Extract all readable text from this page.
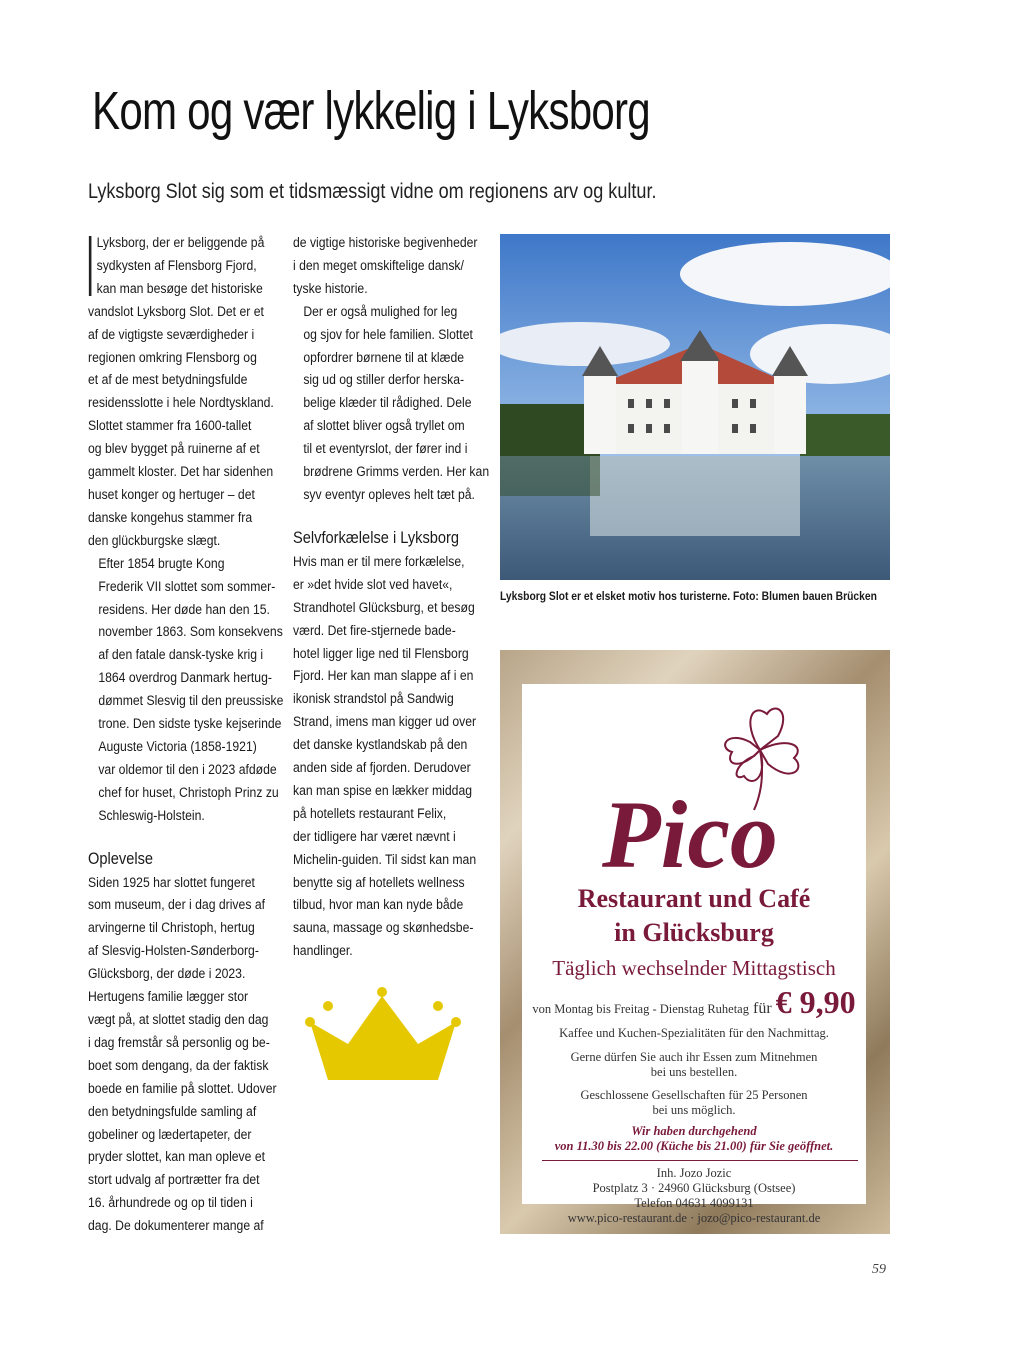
Kom og vær lykkelig i Lyksborg
Lyksborg Slot sig som et tidsmæssigt vidne om regionens arv og kultur.

Lyksborg, der er beliggende på
sydkysten af Flensborg Fjord,
kan man besøge det historiske
vandslot Lyksborg Slot. Det er et
af de vigtigste seværdigheder i
regionen omkring Flensborg og
et af de mest betydningsfulde
residensslotte i hele Nordtyskland.
Slottet stammer fra 1600-tallet
og blev bygget på ruinerne af et
gammelt kloster. Det har sidenhen
huset konger og hertuger – det
danske kongehus stammer fra
den glückburgske slægt.

Efter 1854 brugte Kong
Frederik VII slottet som sommer-
residens. Her døde han den 15.
november 1863. Som konsekvens
af den fatale dansk-tyske krig i
1864 overdrog Danmark hertug-
dømmet Slesvig til den preussiske
trone. Den sidste tyske kejserinde
Auguste Victoria (1858-1921)
var oldemor til den i 2023 afdøde
chef for huset, Christoph Prinz zu
Schleswig-Holstein.

Oplevelse

Siden 1925 har slottet fungeret
som museum, der i dag drives af
arvingerne til Christoph, hertug
af Slesvig-Holsten-Sønderborg-
Glücksborg, der døde i 2023.
Hertugens familie lægger stor
vægt på, at slottet stadig den dag
i dag fremstår så personlig og be-
boet som dengang, da der faktisk
boede en familie på slottet. Udover
den betydningsfulde samling af
gobeliner og lædertapeter, der
pryder slottet, kan man opleve et
stort udvalg af portrætter fra det
16. århundrede og op til tiden i
dag. De dokumenterer mange af

de vigtige historiske begivenheder
i den meget omskiftelige dansk/
tyske historie.

Der er også mulighed for leg
og sjov for hele familien. Slottet
opfordrer børnene til at klæde
sig ud og stiller derfor herska-
belige klæder til rådighed. Dele
af slottet bliver også tryllet om
til et eventyrslot, der fører ind i
brødrene Grimms verden. Her kan
syv eventyr opleves helt tæt på.

Selvforkælelse i Lyksborg

Hvis man er til mere forkælelse,
er »det hvide slot ved havet«,
Strandhotel Glücksburg, et besøg
værd. Det fire-stjernede bade-
hotel ligger lige ned til Flensborg
Fjord. Her kan man slappe af i en
ikonisk strandstol på Sandwig
Strand, imens man kigger ud over
det danske kystlandskab på den
anden side af fjorden. Derudover
kan man spise en lækker middag
på hotellets restaurant Felix,
der tidligere har været nævnt i
Michelin-guiden. Til sidst kan man
benytte sig af hotellets wellness
tilbud, hvor man kan nyde både
sauna, massage og skønhedsbe-
handlinger.

Lyksborg Slot er et elsket motiv hos turisterne. Foto: Blumen bauen Brücken
Pico
Restaurant und Café
in Glücksburg
Täglich wechselnder Mittagstisch
von Montag bis Freitag - Dienstag Ruhetag für € 9,90
Kaffee und Kuchen-Spezialitäten für den Nachmittag.
Gerne dürfen Sie auch ihr Essen zum Mitnehmen
bei uns bestellen.
Geschlossene Gesellschaften für 25 Personen
bei uns möglich.
Wir haben durchgehend
von 11.30 bis 22.00 (Küche bis 21.00) für Sie geöffnet.
Inh. Jozo Jozic
Postplatz 3 · 24960 Glücksburg (Ostsee)
Telefon 04631 4099131
www.pico-restaurant.de · jozo@pico-restaurant.de
59
